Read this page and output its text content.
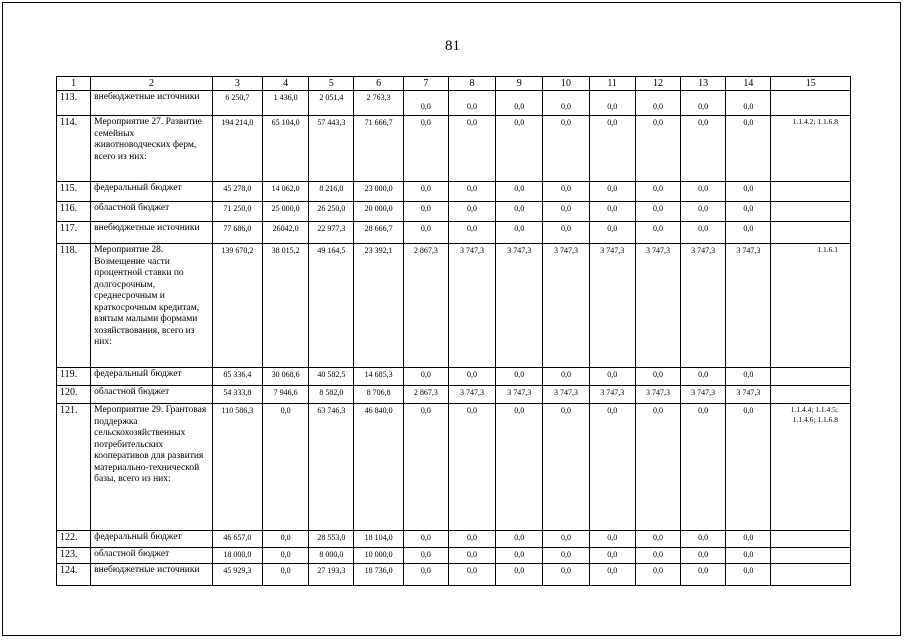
81
1	2	3	4	5	6	7	8	9	10	11	12	13	14	15
113.	внебюджетные источники	6 250,7	1 436,0	2 051,4	2 763,3	0,0	0,0	0,0	0,0	0,0	0,0	0,0	0,0	
114.	Мероприятие 27. Развитие семейных животноводческих ферм, всего из них:	194 214,0	65 104,0	57 443,3	71 666,7	0,0	0,0	0,0	0,0	0,0	0,0	0,0	0,0	1.1.4.2; 1.1.6.8
115.	федеральный бюджет	45 278,0	14 062,0	8 216,0	23 000,0	0,0	0,0	0,0	0,0	0,0	0,0	0,0	0,0	
116.	областной бюджет	71 250,0	25 000,0	26 250,0	20 000,0	0,0	0,0	0,0	0,0	0,0	0,0	0,0	0,0	
117.	внебюджетные источники	77 686,0	26042,0	22 977,3	28 666,7	0,0	0,0	0,0	0,0	0,0	0,0	0,0	0,0	
118.	Мероприятие 28. Возмещение части процентной ставки по долгосрочным, среднесрочным и краткосрочным кредитам, взятым малыми формами хозяйствования, всего из них:	139 670,2	38 015,2	49 164,5	23 392,1	2 867,3	3 747,3	3 747,3	3 747,3	3 747,3	3 747,3	3 747,3	3 747,3	1.1.6.1
119.	федеральный бюджет	85 336,4	30 068,6	40 582,5	14 685,3	0,0	0,0	0,0	0,0	0,0	0,0	0,0	0,0	
120.	областной бюджет	54 333,8	7 946,6	8 582,0	8 706,8	2 867,3	3 747,3	3 747,3	3 747,3	3 747,3	3 747,3	3 747,3	3 747,3	
121.	Мероприятие 29. Грантовая поддержка сельскохозяйственных потребительских кооперативов для развития материально-технической базы, всего из них:	110 586,3	0,0	63 746,3	46 840,0	0,0	0,0	0,0	0,0	0,0	0,0	0,0	0,0	1.1.4.4; 1.1.4.5; 1.1.4.6; 1.1.6.8
122.	федеральный бюджет	46 657,0	0,0	28 553,0	18 104,0	0,0	0,0	0,0	0,0	0,0	0,0	0,0	0,0	
123.	областной бюджет	18 000,0	0,0	8 000,0	10 000,0	0,0	0,0	0,0	0,0	0,0	0,0	0,0	0,0	
124.	внебюджетные источники	45 929,3	0,0	27 193,3	18 736,0	0,0	0,0	0,0	0,0	0,0	0,0	0,0	0,0	
